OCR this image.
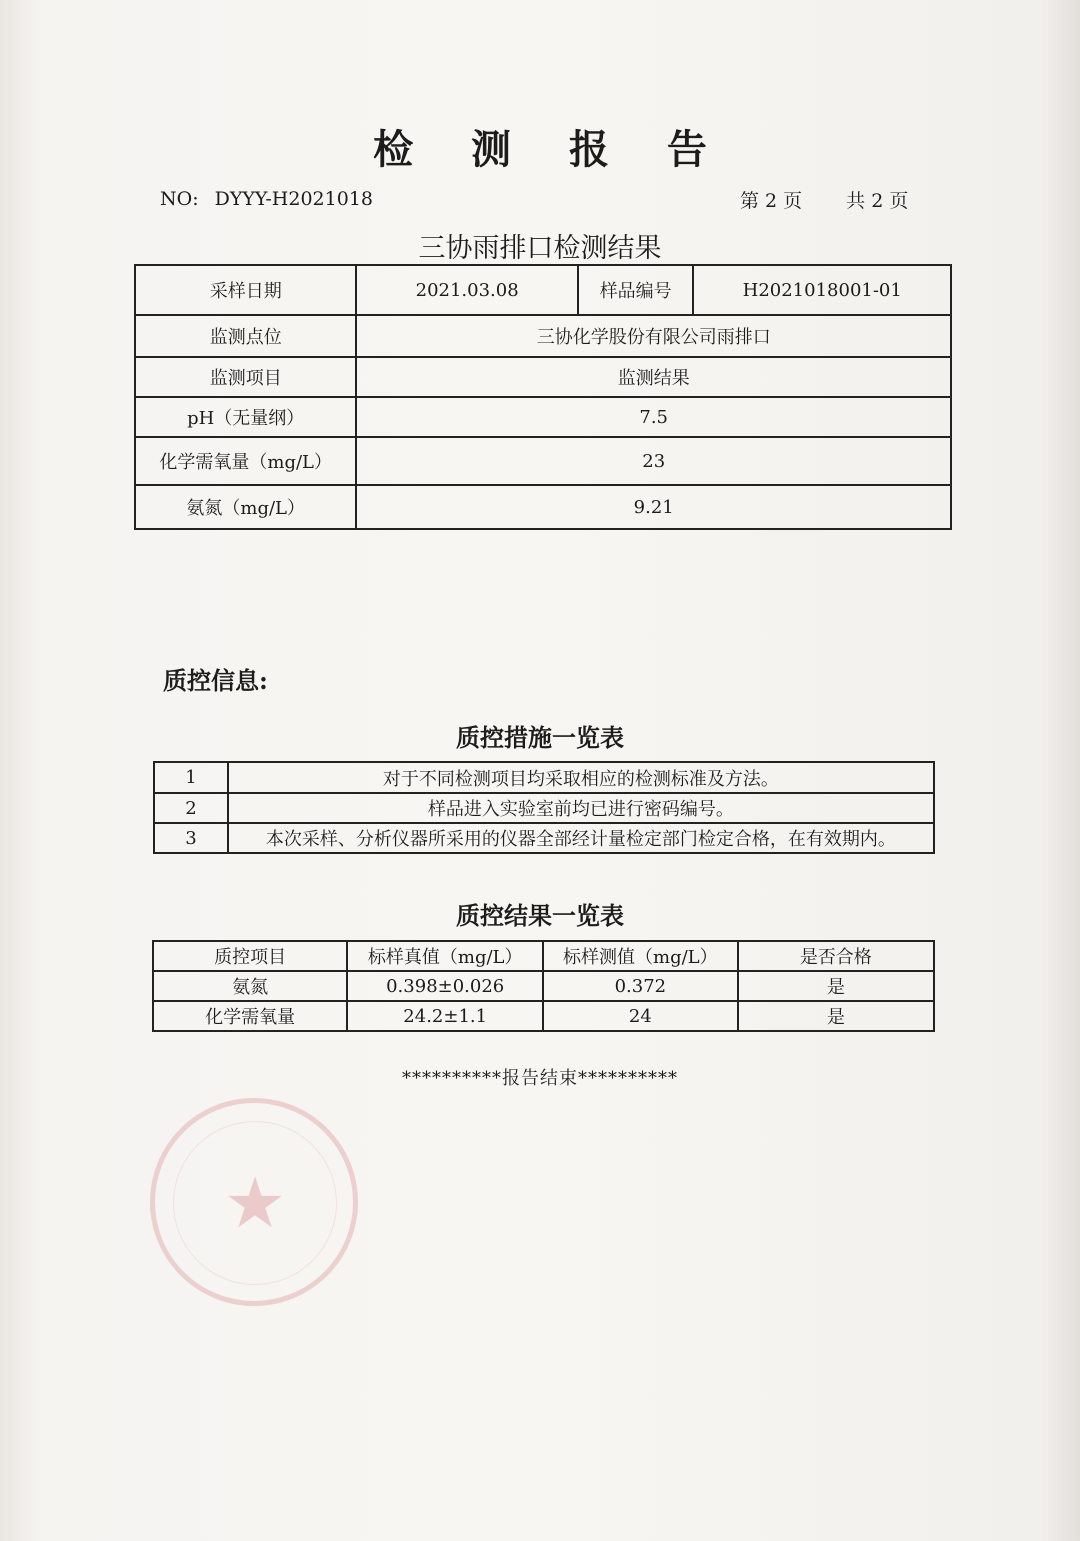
检 测 报 告
NO: DYYY-H2021018	第 2 页 共 2 页
三协雨排口检测结果
采样日期	2021.03.08	样品编号	H2021018001-01
监测点位	三协化学股份有限公司雨排口		
监测项目	监测结果		
pH（无量纲）	7.5		
化学需氧量（mg/L）	23		
氨氮（mg/L）	9.21		
质控信息:
质控措施一览表
1	对于不同检测项目均采取相应的检测标准及方法。
2	样品进入实验室前均已进行密码编号。
3	本次采样、分析仪器所采用的仪器全部经计量检定部门检定合格，在有效期内。
质控结果一览表
质控项目	标样真值（mg/L）	标样测值（mg/L）	是否合格
氨氮	0.398±0.026	0.372	是
化学需氧量	24.2±1.1	24	是
**********报告结束**********
★
